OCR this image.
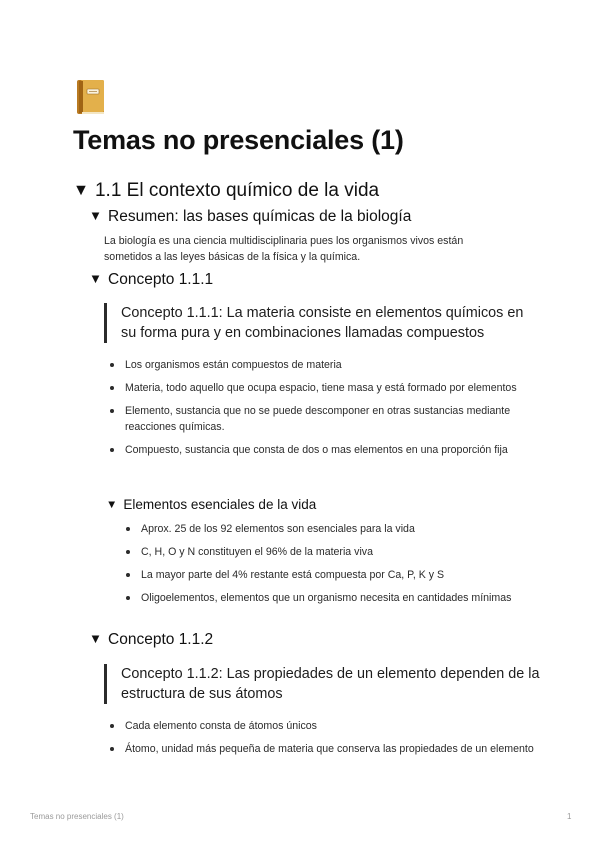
Temas no presenciales (1)
▼ 1.1 El contexto químico de la vida
▼ Resumen: las bases químicas de la biología

La biología es una ciencia multidisciplinaria pues los organismos vivos están sometidos a las leyes básicas de la física y la química.

▼ Concepto 1.1.1
Concepto 1.1.1: La materia consiste en elementos químicos en su forma pura y en combinaciones llamadas compuestos
Los organismos están compuestos de materia
Materia, todo aquello que ocupa espacio, tiene masa y está formado por elementos
Elemento, sustancia que no se puede descomponer en otras sustancias mediante reacciones químicas.
Compuesto, sustancia que consta de dos o mas elementos en una proporción fija
▼ Elementos esenciales de la vida
Aprox. 25 de los 92 elementos son esenciales para la vida
C, H, O y N constituyen el 96% de la materia viva
La mayor parte del 4% restante está compuesta por Ca, P, K y S
Oligoelementos, elementos que un organismo necesita en cantidades mínimas
▼ Concepto 1.1.2
Concepto 1.1.2: Las propiedades de un elemento dependen de la estructura de sus átomos
Cada elemento consta de átomos únicos
Átomo, unidad más pequeña de materia que conserva las propiedades de un elemento
Temas no presenciales (1)	1
